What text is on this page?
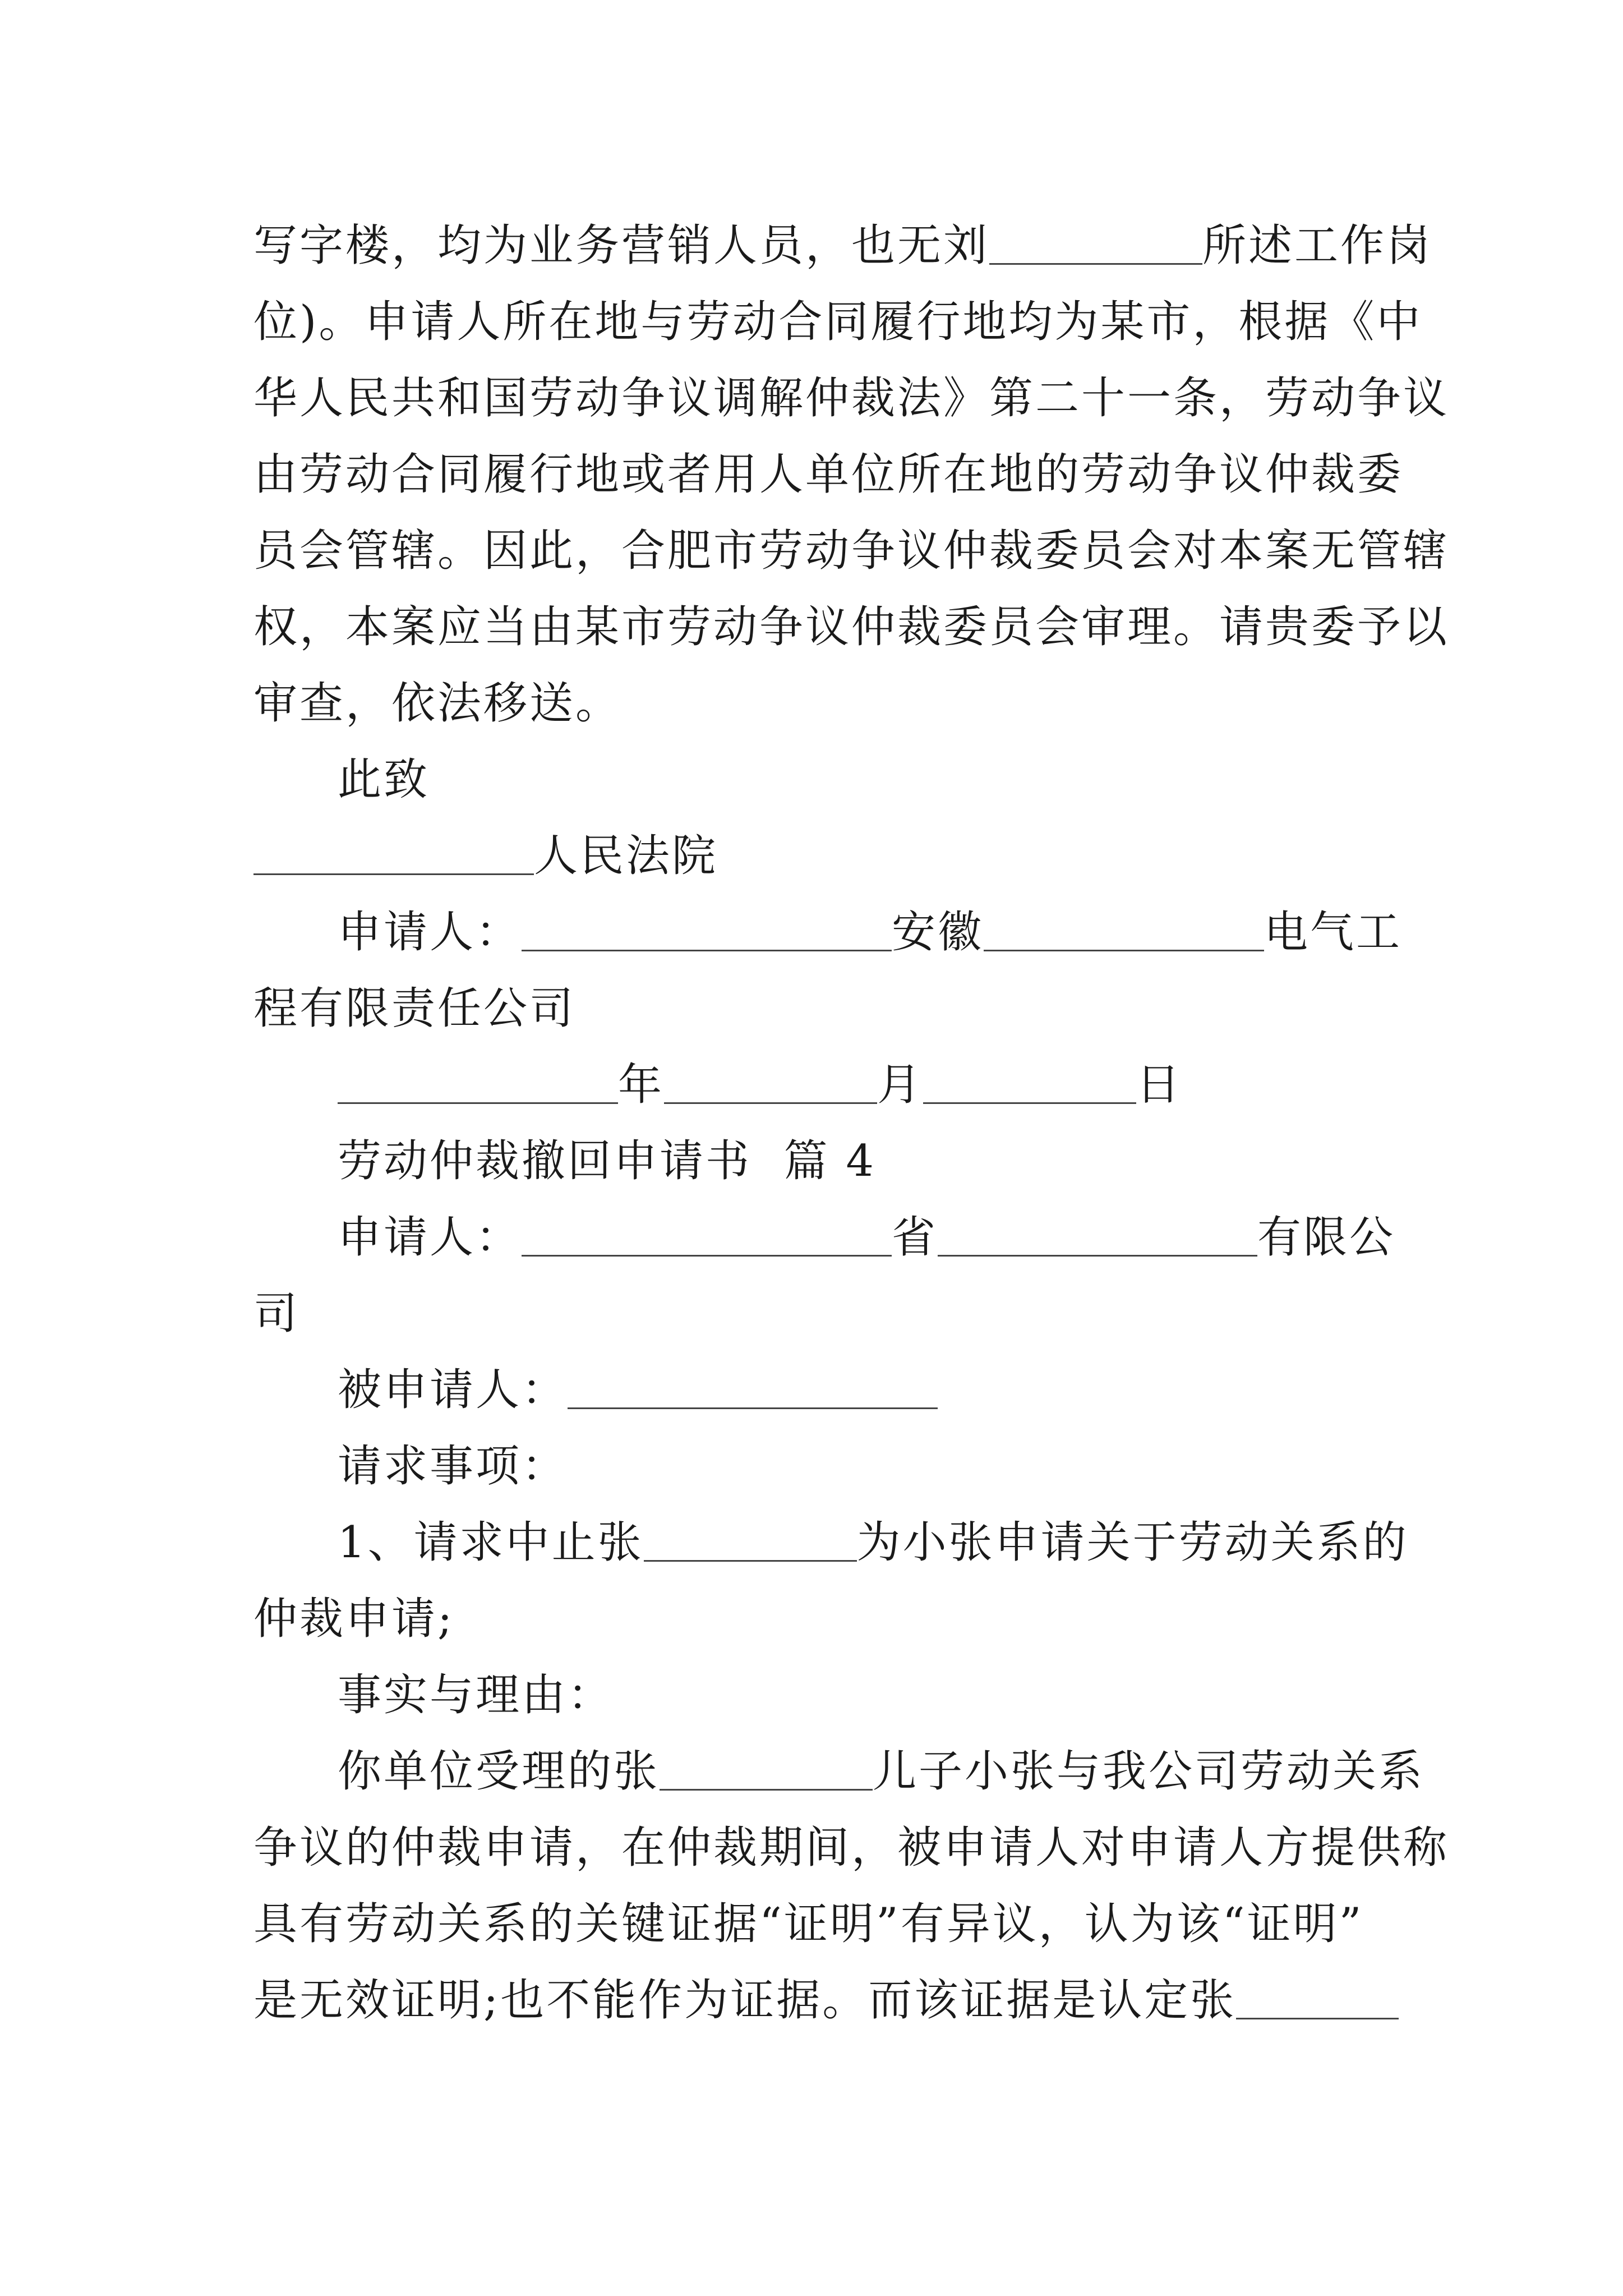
写字楼，均为业务营销人员，也无刘	所述工作岗
位)。申请人所在地与劳动合同履行地均为某市，根据《中
华人民共和国劳动争议调解仲裁法》第二十一条，劳动争议
由劳动合同履行地或者用人单位所在地的劳动争议仲裁委
员会管辖。因此，合肥市劳动争议仲裁委员会对本案无管辖
权，本案应当由某市劳动争议仲裁委员会审理。请贵委予以
审查，依法移送。
此致
人民法院
申请人：	安徽	电气工
程有限责任公司
年	月	日
劳动仲裁撤回申请书  篇 4
申请人：	省	有限公
司
被申请人：
请求事项：
1、请求中止张	为小张申请关于劳动关系的
仲裁申请;
事实与理由：
你单位受理的张	儿子小张与我公司劳动关系
争议的仲裁申请，在仲裁期间，被申请人对申请人方提供称
具有劳动关系的关键证据“证明”有异议，认为该“证明”
是无效证明;也不能作为证据。而该证据是认定张
